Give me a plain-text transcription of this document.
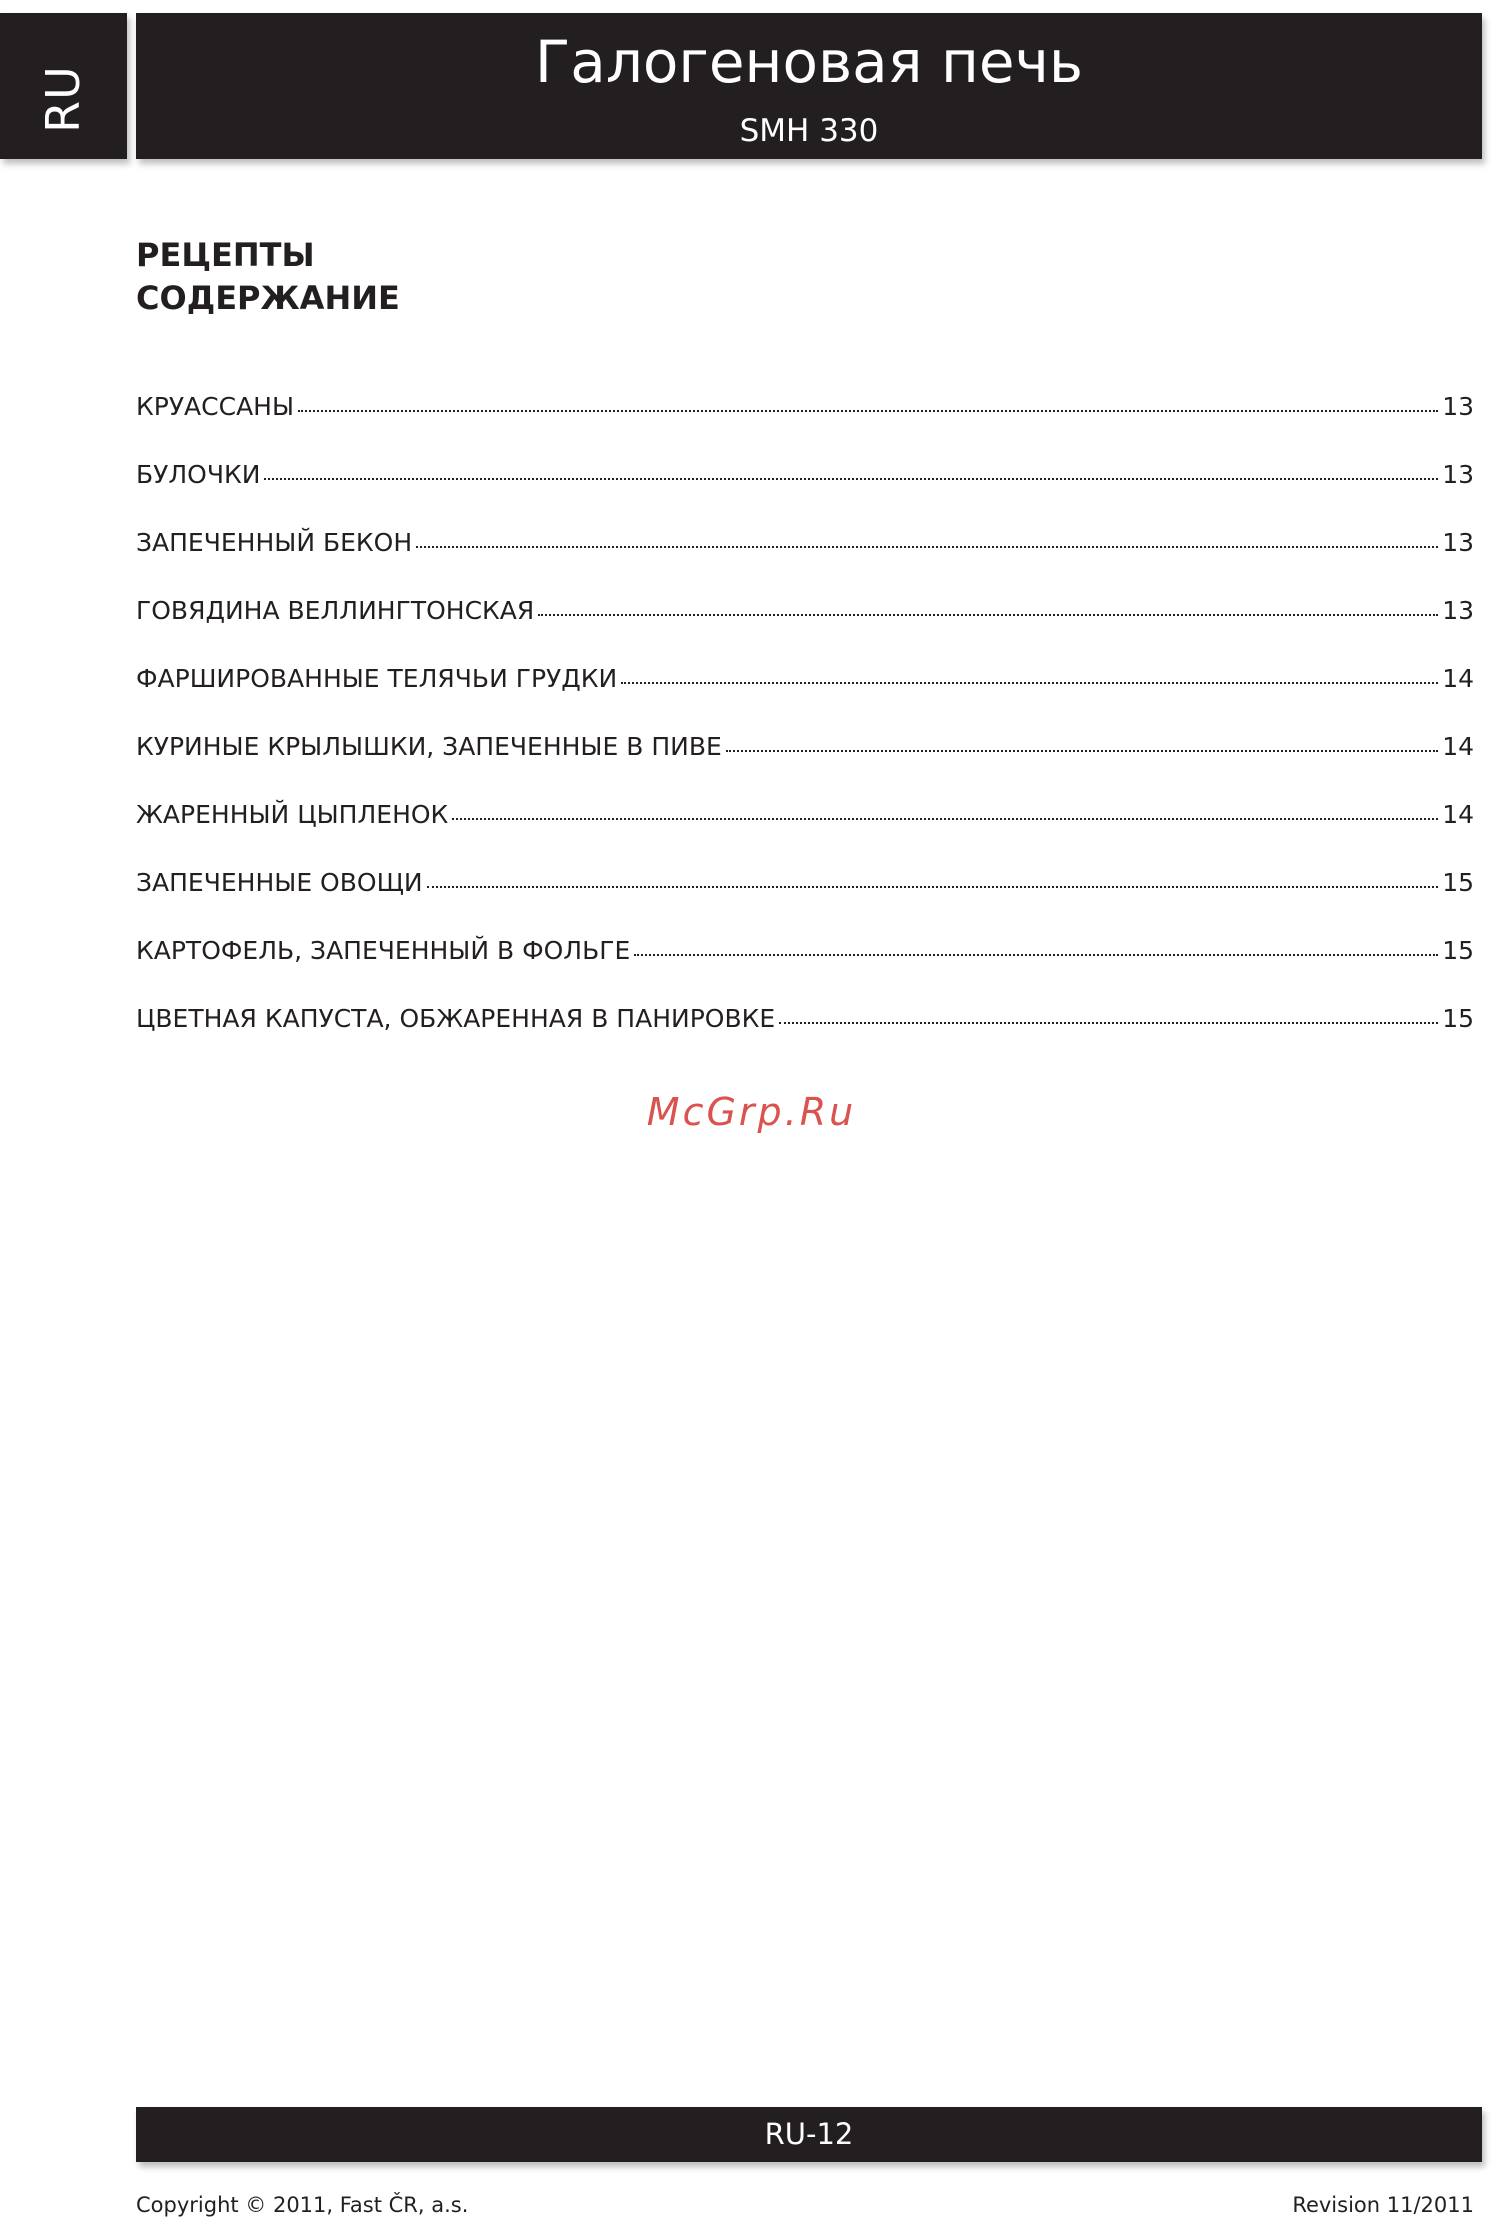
RU
Галогеновая печь
SMH 330
РЕЦЕПТЫ
СОДЕРЖАНИЕ
КРУАССАНЫ	13
БУЛОЧКИ	13
ЗАПЕЧЕННЫЙ БЕКОН	13
ГОВЯДИНА ВЕЛЛИНГТОНСКАЯ	13
ФАРШИРОВАННЫЕ ТЕЛЯЧЬИ ГРУДКИ	14
КУРИНЫЕ КРЫЛЫШКИ, ЗАПЕЧЕННЫЕ В ПИВЕ	14
ЖАРЕННЫЙ ЦЫПЛЕНОК	14
ЗАПЕЧЕННЫЕ ОВОЩИ	15
КАРТОФЕЛЬ, ЗАПЕЧЕННЫЙ В ФОЛЬГЕ	15
ЦВЕТНАЯ КАПУСТА, ОБЖАРЕННАЯ В ПАНИРОВКЕ	15
McGrp.Ru
RU-12
Copyright © 2011, Fast ČR, a.s.	Revision 11/2011
